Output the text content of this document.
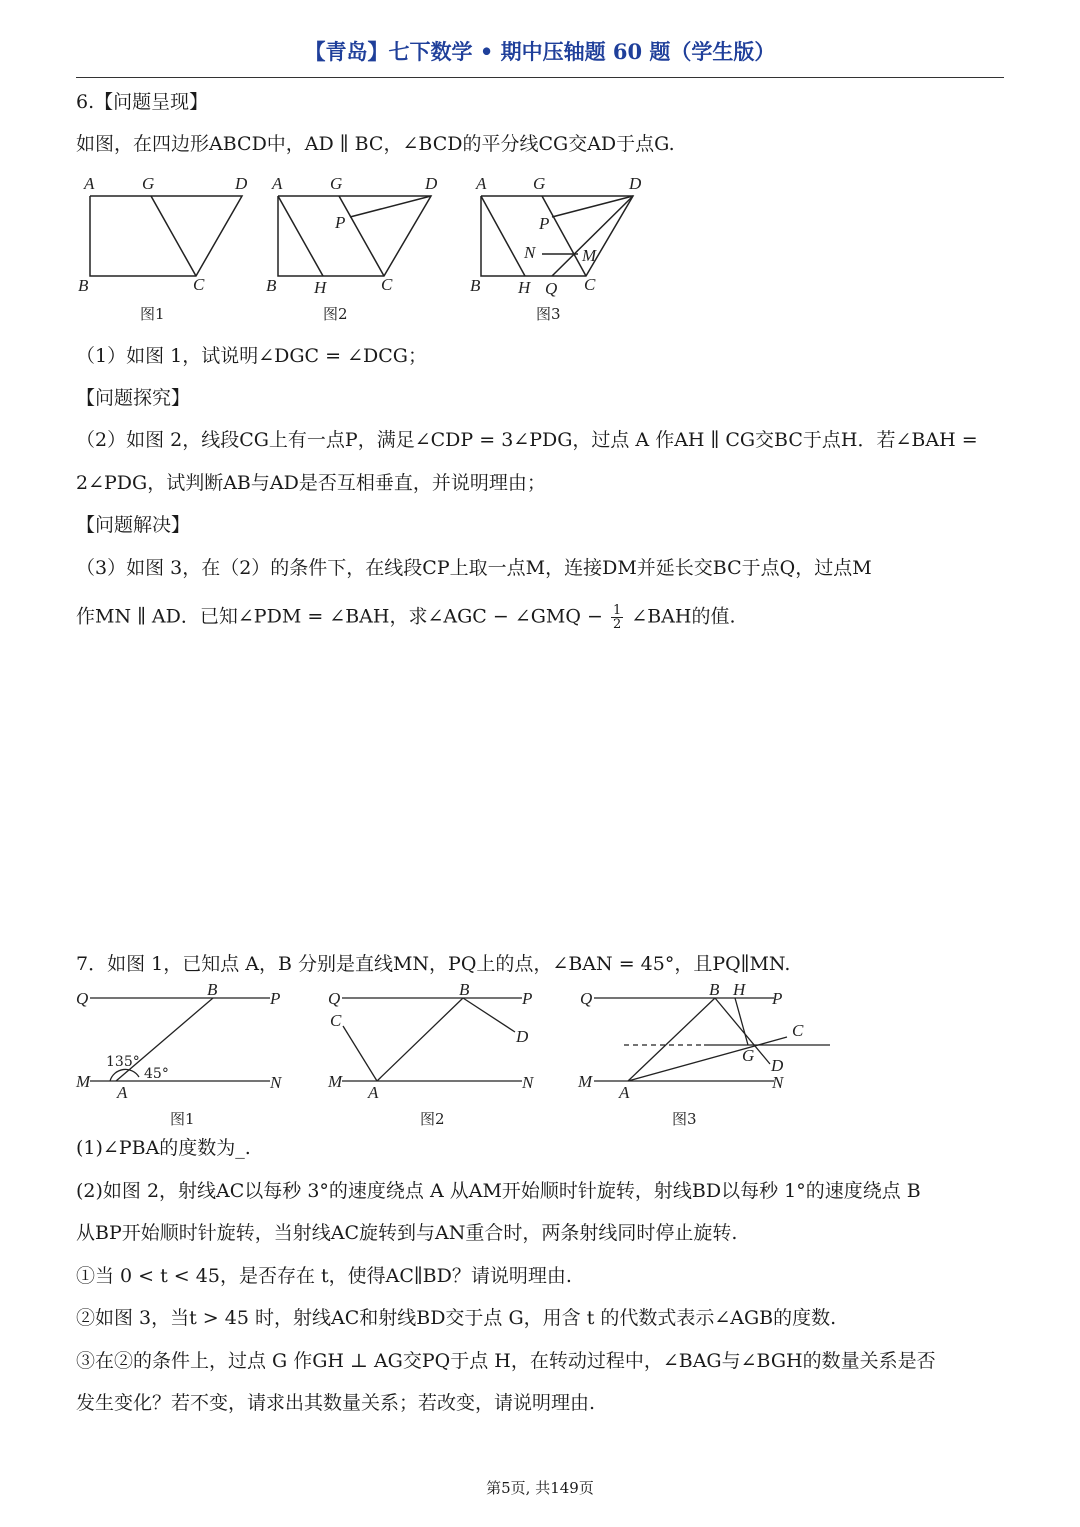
【青岛】七下数学 • 期中压轴题 60 题（学生版）
6.【问题呈现】
如图，在四边形ABCD中，AD ∥ BC，∠BCD的平分线CG交AD于点G.
A	G	D
B	C
图1
A	G	D
P
B H	C
图2
A	G	D
P
N	M
B H Q C
图3
（1）如图 1，试说明∠DGC = ∠DCG；
【问题探究】
（2）如图 2，线段CG上有一点P，满足∠CDP = 3∠PDG，过点 A 作AH ∥ CG交BC于点H．若∠BAH =
2∠PDG，试判断AB与AD是否互相垂直，并说明理由；
【问题解决】
（3）如图 3，在（2）的条件下，在线段CP上取一点M，连接DM并延长交BC于点Q，过点M
作MN ∥ AD．已知∠PDM = ∠BAH，求∠AGC − ∠GMQ − $\frac{1}{2}$ ∠BAH的值.
7．如图 1，已知点 A，B 分别是直线MN，PQ上的点，∠BAN = 45°，且PQ∥MN.
Q	B	P
M
A
N
135°
45°
图1
Q
C
B	P
D
M
A
N
图2
Q	B H P
C
G
D
M
A
N
图3
(1)∠PBA的度数为_.
(2)如图 2，射线AC以每秒 3°的速度绕点 A 从AM开始顺时针旋转，射线BD以每秒 1°的速度绕点 B
从BP开始顺时针旋转，当射线AC旋转到与AN重合时，两条射线同时停止旋转.
①当 0 < t < 45，是否存在 t，使得AC∥BD？请说明理由.
②如图 3，当t > 45 时，射线AC和射线BD交于点 G，用含 t 的代数式表示∠AGB的度数.
③在②的条件上，过点 G 作GH ⊥ AG交PQ于点 H，在转动过程中，∠BAG与∠BGH的数量关系是否
发生变化？若不变，请求出其数量关系；若改变，请说明理由.
第5页, 共149页
